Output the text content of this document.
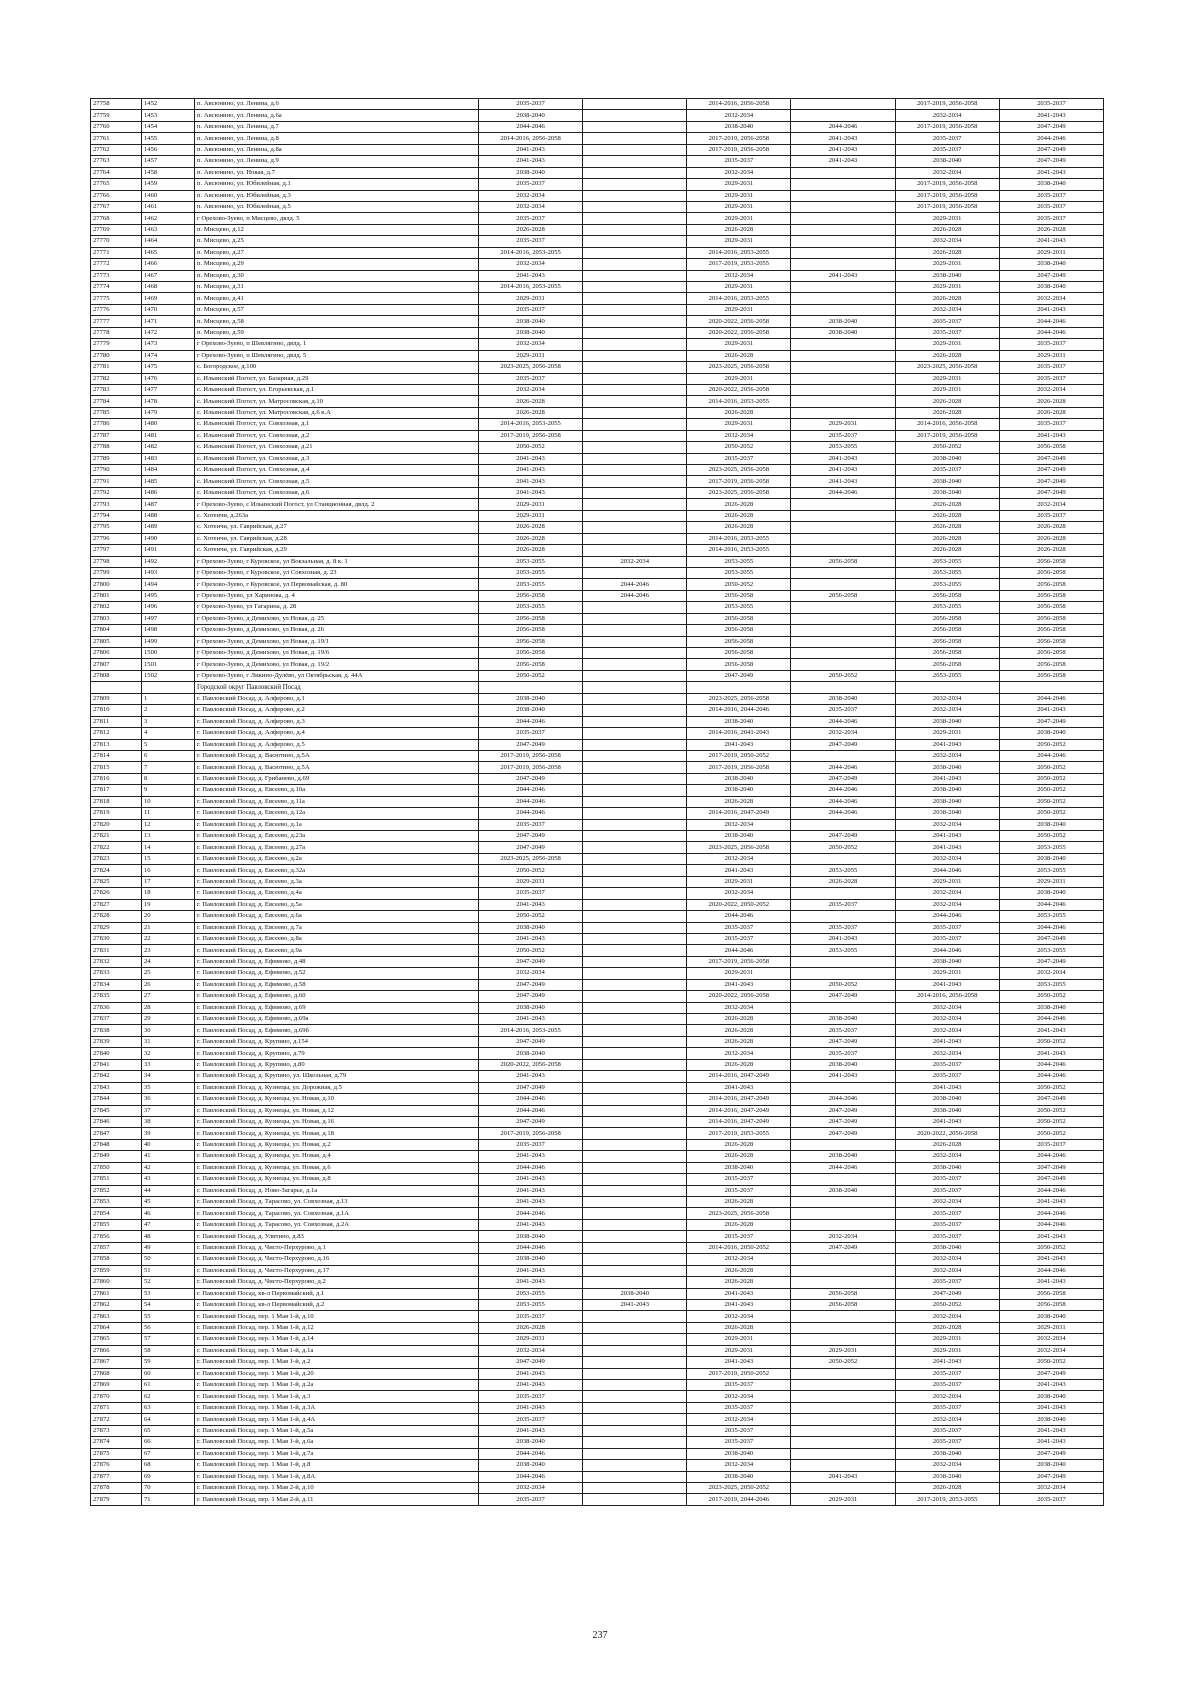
27758	1452	п. Авсюнино, ул. Ленина, д.6	2035-2037		2014-2016, 2056-2058		2017-2019, 2056-2058	2035-2037
27759	1453	п. Авсюнино, ул. Ленина, д.6а	2038-2040		2032-2034		2032-2034	2041-2043
27760	1454	п. Авсюнино, ул. Ленина, д.7	2044-2046		2038-2040	2044-2046	2017-2019, 2056-2058	2047-2049
27761	1455	п. Авсюнино, ул. Ленина, д.8	2014-2016, 2056-2058		2017-2019, 2056-2058	2041-2043	2035-2037	2044-2046
27762	1456	п. Авсюнино, ул. Ленина, д.8а	2041-2043		2017-2019, 2056-2058	2041-2043	2035-2037	2047-2049
27763	1457	п. Авсюнино, ул. Ленина, д.9	2041-2043		2035-2037	2041-2043	2038-2040	2047-2049
27764	1458	п. Авсюнино, ул. Новая, д.7	2038-2040		2032-2034		2032-2034	2041-2043
27765	1459	п. Авсюнино, ул. Юбилейная, д.1	2035-2037		2029-2031		2017-2019, 2056-2058	2038-2040
27766	1460	п. Авсюнино, ул. Юбилейная, д.3	2032-2034		2029-2031		2017-2019, 2056-2058	2035-2037
27767	1461	п. Авсюнино, ул. Юбилейная, д.5	2032-2034		2029-2031		2017-2019, 2056-2058	2035-2037
27768	1462	г Орехово-Зуево, п Мисцево, двлд. 5	2035-2037		2029-2031		2029-2031	2035-2037
27769	1463	п. Мисцево, д.12	2026-2028		2026-2028		2026-2028	2026-2028
27770	1464	п. Мисцево, д.25	2035-2037		2029-2031		2032-2034	2041-2043
27771	1465	п. Мисцево, д.27	2014-2016, 2053-2055		2014-2016, 2053-2055		2026-2028	2029-2031
27772	1466	п. Мисцево, д.29	2032-2034		2017-2019, 2053-2055		2029-2031	2038-2040
27773	1467	п. Мисцево, д.30	2041-2043		2032-2034	2041-2043	2038-2040	2047-2049
27774	1468	п. Мисцево, д.31	2014-2016, 2053-2055		2029-2031		2029-2031	2038-2040
27775	1469	п. Мисцево, д.41	2029-2031		2014-2016, 2053-2055		2026-2028	2032-2034
27776	1470	п. Мисцево, д.57	2035-2037		2029-2031		2032-2034	2041-2043
27777	1471	п. Мисцево, д.58	2038-2040		2020-2022, 2056-2058	2038-2040	2035-2037	2044-2046
27778	1472	п. Мисцево, д.59	2038-2040		2020-2022, 2056-2058	2038-2040	2035-2037	2044-2046
27779	1473	г Орехово-Зуево, п Шевлягино, двлд. 1	2032-2034		2029-2031		2029-2031	2035-2037
27780	1474	г Орехово-Зуево, п Шевлягино, двлд. 5	2029-2031		2026-2028		2026-2028	2029-2031
27781	1475	с. Богородское, д.100	2023-2025, 2056-2058		2023-2025, 2056-2058		2023-2025, 2056-2058	2035-2037
27782	1476	с. Ильинский Погост, ул. Базарная, д.29	2035-2037		2029-2031		2029-2031	2035-2037
27783	1477	с. Ильинский Погост, ул. Егорьевская, д.1	2032-2034		2020-2022, 2056-2058		2029-2031	2032-2034
27784	1478	с. Ильинский Погост, ул. Матросовская, д.10	2026-2028		2014-2016, 2053-2055		2026-2028	2026-2028
27785	1479	с. Ильинский Погост, ул. Матросовская, д.6 к.А	2026-2028		2026-2028		2026-2028	2026-2028
27786	1480	с. Ильинский Погост, ул. Совхозная, д.1	2014-2016, 2053-2055		2029-2031	2029-2031	2014-2016, 2056-2058	2035-2037
27787	1481	с. Ильинский Погост, ул. Совхозная, д.2	2017-2019, 2056-2058		2032-2034	2035-2037	2017-2019, 2056-2058	2041-2043
27788	1482	с. Ильинский Погост, ул. Совхозная, д.21	2050-2052		2050-2052	2053-2055	2050-2052	2056-2058
27789	1483	с. Ильинский Погост, ул. Совхозная, д.3	2041-2043		2035-2037	2041-2043	2038-2040	2047-2049
27790	1484	с. Ильинский Погост, ул. Совхозная, д.4	2041-2043		2023-2025, 2056-2058	2041-2043	2035-2037	2047-2049
27791	1485	с. Ильинский Погост, ул. Совхозная, д.5	2041-2043		2017-2019, 2056-2058	2041-2043	2038-2040	2047-2049
27792	1486	с. Ильинский Погост, ул. Совхозная, д.6	2041-2043		2023-2025, 2056-2058	2044-2046	2038-2040	2047-2049
27793	1487	г Орехово-Зуево, с Ильинский Погост, ул Станционная, двлд. 2	2029-2031		2026-2028		2026-2028	2032-2034
27794	1488	с. Хотеичи, д.263а	2029-2031		2026-2028		2026-2028	2035-2037
27795	1489	с. Хотеичи, ул. Гаврийская, д.27	2026-2028		2026-2028		2026-2028	2026-2028
27796	1490	с. Хотеичи, ул. Гаврийская, д.28	2026-2028		2014-2016, 2053-2055		2026-2028	2026-2028
27797	1491	с. Хотеичи, ул. Гаврийская, д.29	2026-2028		2014-2016, 2053-2055		2026-2028	2026-2028
27798	1492	г Орехово-Зуево, г Куровское, ул Вокзальная, д. 8 к. 1	2053-2055	2032-2034	2053-2055	2056-2058	2053-2055	2056-2058
27799	1493	г Орехово-Зуево, г Куровское, ул Совхозная, д. 23	2053-2055		2053-2055		2053-2055	2056-2058
27800	1494	г Орехово-Зуево, г Куровское, ул Первомайская, д. 80	2053-2055	2044-2046	2050-2052		2053-2055	2056-2058
27801	1495	г Орехово-Зуево, ул Харинова, д. 4	2056-2058	2044-2046	2056-2058	2056-2058	2056-2058	2056-2058
27802	1496	г Орехово-Зуево, ул Гагарина, д. 28	2053-2055		2053-2055		2053-2055	2056-2058
27803	1497	г Орехово-Зуево, д Демихово, ул Новая, д. 25	2056-2058		2056-2058		2056-2058	2056-2058
27804	1498	г Орехово-Зуево, д Демихово, ул Новая, д. 26	2056-2058		2056-2058		2056-2058	2056-2058
27805	1499	г Орехово-Зуево, д Демихово, ул Новая, д. 19/1	2056-2058		2056-2058		2056-2058	2056-2058
27806	1500	г Орехово-Зуево, д Демихово, ул Новая, д. 19/6	2056-2058		2056-2058		2056-2058	2056-2058
27807	1501	г Орехово-Зуево, д Демихово, ул Новая, д. 19/2	2056-2058		2056-2058		2056-2058	2056-2058
27808	1502	г Орехово-Зуево, г Ликино-Дулёво, ул Октябрьская, д. 44А	2050-2052		2047-2049	2050-2052	2053-2055	2056-2058
		Городской округ Павловский Посад						
27809	1	г. Павловский Посад, д. Алферово, д.1	2038-2040		2023-2025, 2056-2058	2038-2040	2032-2034	2044-2046
27810	2	г. Павловский Посад, д. Алферово, д.2	2038-2040		2014-2016, 2044-2046	2035-2037	2032-2034	2041-2043
27811	3	г. Павловский Посад, д. Алферово, д.3	2044-2046		2038-2040	2044-2046	2038-2040	2047-2049
27812	4	г. Павловский Посад, д. Алферово, д.4	2035-2037		2014-2016, 2041-2043	2032-2034	2029-2031	2038-2040
27813	5	г. Павловский Посад, д. Алферово, д.5	2047-2049		2041-2043	2047-2049	2041-2043	2050-2052
27814	6	г. Павловский Посад, д. Васютино, д.5А	2017-2019, 2056-2058		2017-2019, 2050-2052		2032-2034	2044-2046
27815	7	г. Павловский Посад, д. Васютино, д.5А	2017-2019, 2056-2058		2017-2019, 2056-2058	2044-2046	2038-2040	2050-2052
27816	8	г. Павловский Посад, д. Грибанево, д.69	2047-2049		2038-2040	2047-2049	2041-2043	2050-2052
27817	9	г. Павловский Посад, д. Евсеево, д.10а	2044-2046		2038-2040	2044-2046	2038-2040	2050-2052
27818	10	г. Павловский Посад, д. Евсеево, д.11а	2044-2046		2026-2028	2044-2046	2038-2040	2050-2052
27819	11	г. Павловский Посад, д. Евсеево, д.12а	2044-2046		2014-2016, 2047-2049	2044-2046	2038-2040	2050-2052
27820	12	г. Павловский Посад, д. Евсеево, д.1а	2035-2037		2032-2034		2032-2034	2038-2040
27821	13	г. Павловский Посад, д. Евсеево, д.23а	2047-2049		2038-2040	2047-2049	2041-2043	2050-2052
27822	14	г. Павловский Посад, д. Евсеево, д.27а	2047-2049		2023-2025, 2056-2058	2050-2052	2041-2043	2053-2055
27823	15	г. Павловский Посад, д. Евсеево, д.2а	2023-2025, 2056-2058		2032-2034		2032-2034	2038-2040
27824	16	г. Павловский Посад, д. Евсеево, д.32а	2050-2052		2041-2043	2053-2055	2044-2046	2053-2055
27825	17	г. Павловский Посад, д. Евсеево, д.3а	2029-2031		2029-2031	2026-2028	2029-2031	2029-2031
27826	18	г. Павловский Посад, д. Евсеево, д.4а	2035-2037		2032-2034		2032-2034	2038-2040
27827	19	г. Павловский Посад, д. Евсеево, д.5а	2041-2043		2020-2022, 2050-2052	2035-2037	2032-2034	2044-2046
27828	20	г. Павловский Посад, д. Евсеево, д.6а	2050-2052		2044-2046		2044-2046	2053-2055
27829	21	г. Павловский Посад, д. Евсеево, д.7а	2038-2040		2035-2037	2035-2037	2035-2037	2044-2046
27830	22	г. Павловский Посад, д. Евсеево, д.8а	2041-2043		2035-2037	2041-2043	2035-2037	2047-2049
27831	23	г. Павловский Посад, д. Евсеево, д.9а	2050-2052		2044-2046	2053-2055	2044-2046	2053-2055
27832	24	г. Павловский Посад, д. Ефимово, д.48	2047-2049		2017-2019, 2056-2058		2038-2040	2047-2049
27833	25	г. Павловский Посад, д. Ефимово, д.52	2032-2034		2029-2031		2029-2031	2032-2034
27834	26	г. Павловский Посад, д. Ефимово, д.58	2047-2049		2041-2043	2050-2052	2041-2043	2053-2055
27835	27	г. Павловский Посад, д. Ефимово, д.60	2047-2049		2020-2022, 2056-2058	2047-2049	2014-2016, 2056-2058	2050-2052
27836	28	г. Павловский Посад, д. Ефимово, д.69	2038-2040		2032-2034		2032-2034	2038-2040
27837	29	г. Павловский Посад, д. Ефимово, д.69а	2041-2043		2026-2028	2038-2040	2032-2034	2044-2046
27838	30	г. Павловский Посад, д. Ефимово, д.69б	2014-2016, 2053-2055		2026-2028	2035-2037	2032-2034	2041-2043
27839	31	г. Павловский Посад, д. Крупино, д.154	2047-2049		2026-2028	2047-2049	2041-2043	2050-2052
27840	32	г. Павловский Посад, д. Крупино, д.79	2038-2040		2032-2034	2035-2037	2032-2034	2041-2043
27841	33	г. Павловский Посад, д. Крупино, д.80	2020-2022, 2056-2058		2026-2028	2038-2040	2035-2037	2044-2046
27842	34	г. Павловский Посад, д. Крупино, ул. Школьная, д.79	2041-2043		2014-2016, 2047-2049	2041-2043	2035-2037	2044-2046
27843	35	г. Павловский Посад, д. Кузнецы, ул. Дорожная, д.5	2047-2049		2041-2043		2041-2043	2050-2052
27844	36	г. Павловский Посад, д. Кузнецы, ул. Новая, д.10	2044-2046		2014-2016, 2047-2049	2044-2046	2038-2040	2047-2049
27845	37	г. Павловский Посад, д. Кузнецы, ул. Новая, д.12	2044-2046		2014-2016, 2047-2049	2047-2049	2038-2040	2050-2052
27846	38	г. Павловский Посад, д. Кузнецы, ул. Новая, д.16	2047-2049		2014-2016, 2047-2049	2047-2049	2041-2043	2050-2052
27847	39	г. Павловский Посад, д. Кузнецы, ул. Новая, д.18	2017-2019, 2056-2058		2017-2019, 2053-2055	2047-2049	2020-2022, 2056-2058	2050-2052
27848	40	г. Павловский Посад, д. Кузнецы, ул. Новая, д.2	2035-2037		2026-2028		2026-2028	2035-2037
27849	41	г. Павловский Посад, д. Кузнецы, ул. Новая, д.4	2041-2043		2026-2028	2038-2040	2032-2034	2044-2046
27850	42	г. Павловский Посад, д. Кузнецы, ул. Новая, д.6	2044-2046		2038-2040	2044-2046	2038-2040	2047-2049
27851	43	г. Павловский Посад, д. Кузнецы, ул. Новая, д.8	2041-2043		2035-2037		2035-2037	2047-2049
27852	44	г. Павловский Посад, д. Ново-Загарье, д.1а	2041-2043		2035-2037	2038-2040	2035-2037	2044-2046
27853	45	г. Павловский Посад, д. Тарасово, ул. Совхозная, д.13	2041-2043		2026-2028		2032-2034	2041-2043
27854	46	г. Павловский Посад, д. Тарасово, ул. Совхозная, д.1А	2044-2046		2023-2025, 2056-2058		2035-2037	2044-2046
27855	47	г. Павловский Посад, д. Тарасово, ул. Совхозная, д.2А	2041-2043		2026-2028		2035-2037	2044-2046
27856	48	г. Павловский Посад, д. Улитино, д.83	2038-2040		2035-2037	2032-2034	2035-2037	2041-2043
27857	49	г. Павловский Посад, д. Чисто-Перхурово, д.1	2044-2046		2014-2016, 2050-2052	2047-2049	2038-2040	2050-2052
27858	50	г. Павловский Посад, д. Чисто-Перхурово, д.16	2038-2040		2032-2034		2032-2034	2041-2043
27859	51	г. Павловский Посад, д. Чисто-Перхурово, д.17	2041-2043		2026-2028		2032-2034	2044-2046
27860	52	г. Павловский Посад, д. Чисто-Перхурово, д.2	2041-2043		2026-2028		2035-2037	2041-2043
27861	53	г. Павловский Посад, кв-л Первомайский, д.1	2053-2055	2038-2040	2041-2043	2056-2058	2047-2049	2056-2058
27862	54	г. Павловский Посад, кв-л Первомайский, д.2	2053-2055	2041-2043	2041-2043	2056-2058	2050-2052	2056-2058
27863	55	г. Павловский Посад, пер. 1 Мая 1-й, д.10	2035-2037		2032-2034		2032-2034	2038-2040
27864	56	г. Павловский Посад, пер. 1 Мая 1-й, д.12	2026-2028		2026-2028		2026-2028	2029-2031
27865	57	г. Павловский Посад, пер. 1 Мая 1-й, д.14	2029-2031		2029-2031		2029-2031	2032-2034
27866	58	г. Павловский Посад, пер. 1 Мая 1-й, д.1а	2032-2034		2029-2031	2029-2031	2029-2031	2032-2034
27867	59	г. Павловский Посад, пер. 1 Мая 1-й, д.2	2047-2049		2041-2043	2050-2052	2041-2043	2050-2052
27868	60	г. Павловский Посад, пер. 1 Мая 1-й, д.20	2041-2043		2017-2019, 2050-2052		2035-2037	2047-2049
27869	61	г. Павловский Посад, пер. 1 Мая 1-й, д.2а	2041-2043		2035-2037		2035-2037	2041-2043
27870	62	г. Павловский Посад, пер. 1 Мая 1-й, д.3	2035-2037		2032-2034		2032-2034	2038-2040
27871	63	г. Павловский Посад, пер. 1 Мая 1-й, д.3А	2041-2043		2035-2037		2035-2037	2041-2043
27872	64	г. Павловский Посад, пер. 1 Мая 1-й, д.4А	2035-2037		2032-2034		2032-2034	2038-2040
27873	65	г. Павловский Посад, пер. 1 Мая 1-й, д.5а	2041-2043		2035-2037		2035-2037	2041-2043
27874	66	г. Павловский Посад, пер. 1 Мая 1-й, д.6а	2038-2040		2035-2037		2035-2037	2041-2043
27875	67	г. Павловский Посад, пер. 1 Мая 1-й, д.7а	2044-2046		2038-2040		2038-2040	2047-2049
27876	68	г. Павловский Посад, пер. 1 Мая 1-й, д.8	2038-2040		2032-2034		2032-2034	2038-2040
27877	69	г. Павловский Посад, пер. 1 Мая 1-й, д.8А	2044-2046		2038-2040	2041-2043	2038-2040	2047-2049
27878	70	г. Павловский Посад, пер. 1 Мая 2-й, д.10	2032-2034		2023-2025, 2050-2052		2026-2028	2032-2034
27879	71	г. Павловский Посад, пер. 1 Мая 2-й, д.11	2035-2037		2017-2019, 2044-2046	2029-2031	2017-2019, 2053-2055	2035-2037
237
